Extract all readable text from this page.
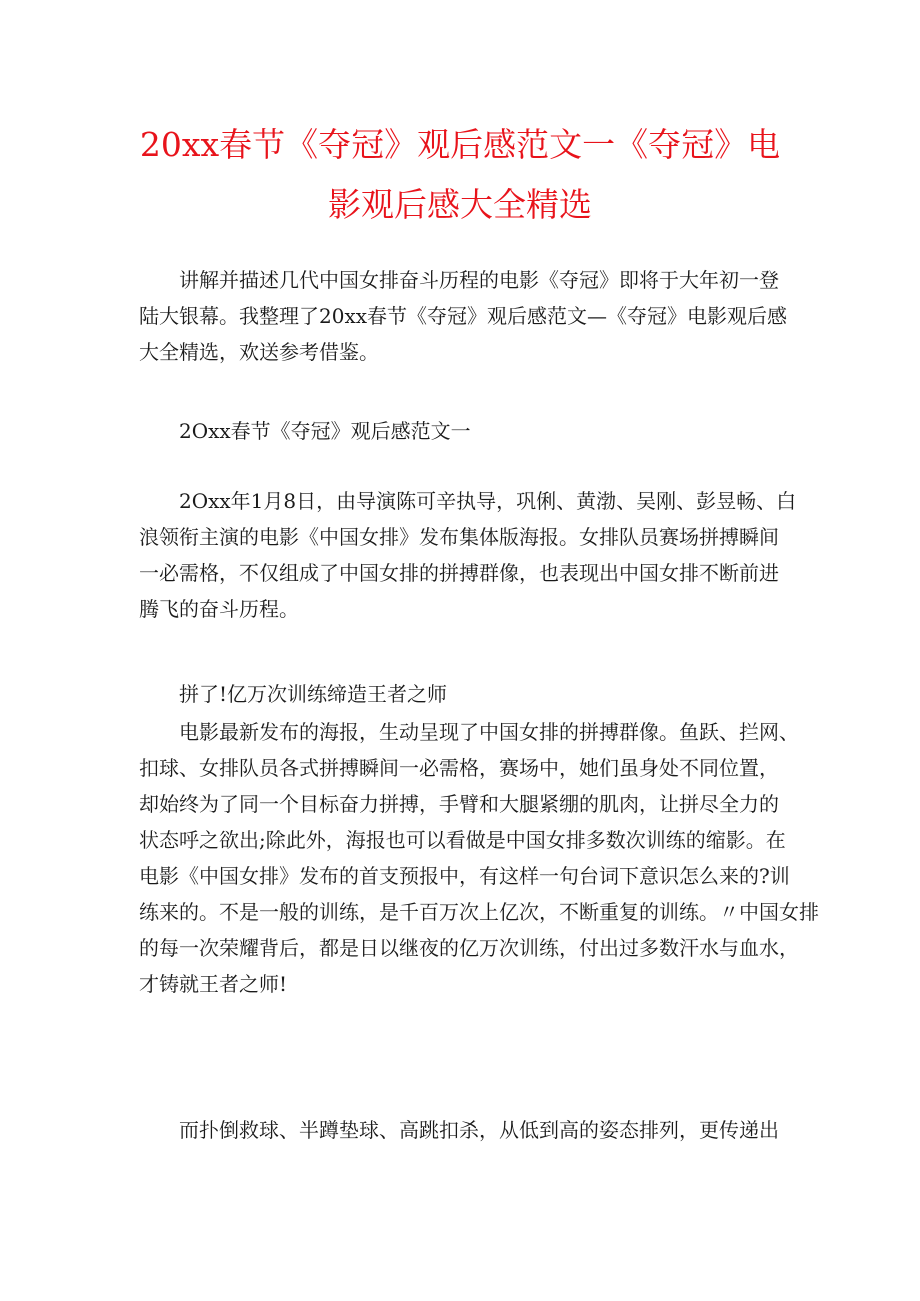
20xx春节《夺冠》观后感范文一《夺冠》电
影观后感大全精选
讲解并描述几代中国女排奋斗历程的电影《夺冠》即将于大年初一登
陆大银幕。我整理了20xx春节《夺冠》观后感范文—《夺冠》电影观后感
大全精选，欢送参考借鉴。
2Oxx春节《夺冠》观后感范文一
2Oxx年1月8日，由导演陈可辛执导，巩俐、黄渤、吴刚、彭昱畅、白
浪领衔主演的电影《中国女排》发布集体版海报。女排队员赛场拼搏瞬间
一必需格，不仅组成了中国女排的拼搏群像，也表现出中国女排不断前进
腾飞的奋斗历程。
拼了!亿万次训练缔造王者之师
电影最新发布的海报，生动呈现了中国女排的拼搏群像。鱼跃、拦网、
扣球、女排队员各式拼搏瞬间一必需格，赛场中，她们虽身处不同位置，
却始终为了同一个目标奋力拼搏，手臂和大腿紧绷的肌肉，让拼尽全力的
状态呼之欲出;除此外，海报也可以看做是中国女排多数次训练的缩影。在
电影《中国女排》发布的首支预报中，有这样一句台词下意识怎么来的?训
练来的。不是一般的训练，是千百万次上亿次，不断重复的训练。〃中国女排
的每一次荣耀背后，都是日以继夜的亿万次训练，付出过多数汗水与血水，
才铸就王者之师!
而扑倒救球、半蹲垫球、高跳扣杀，从低到高的姿态排列，更传递出
